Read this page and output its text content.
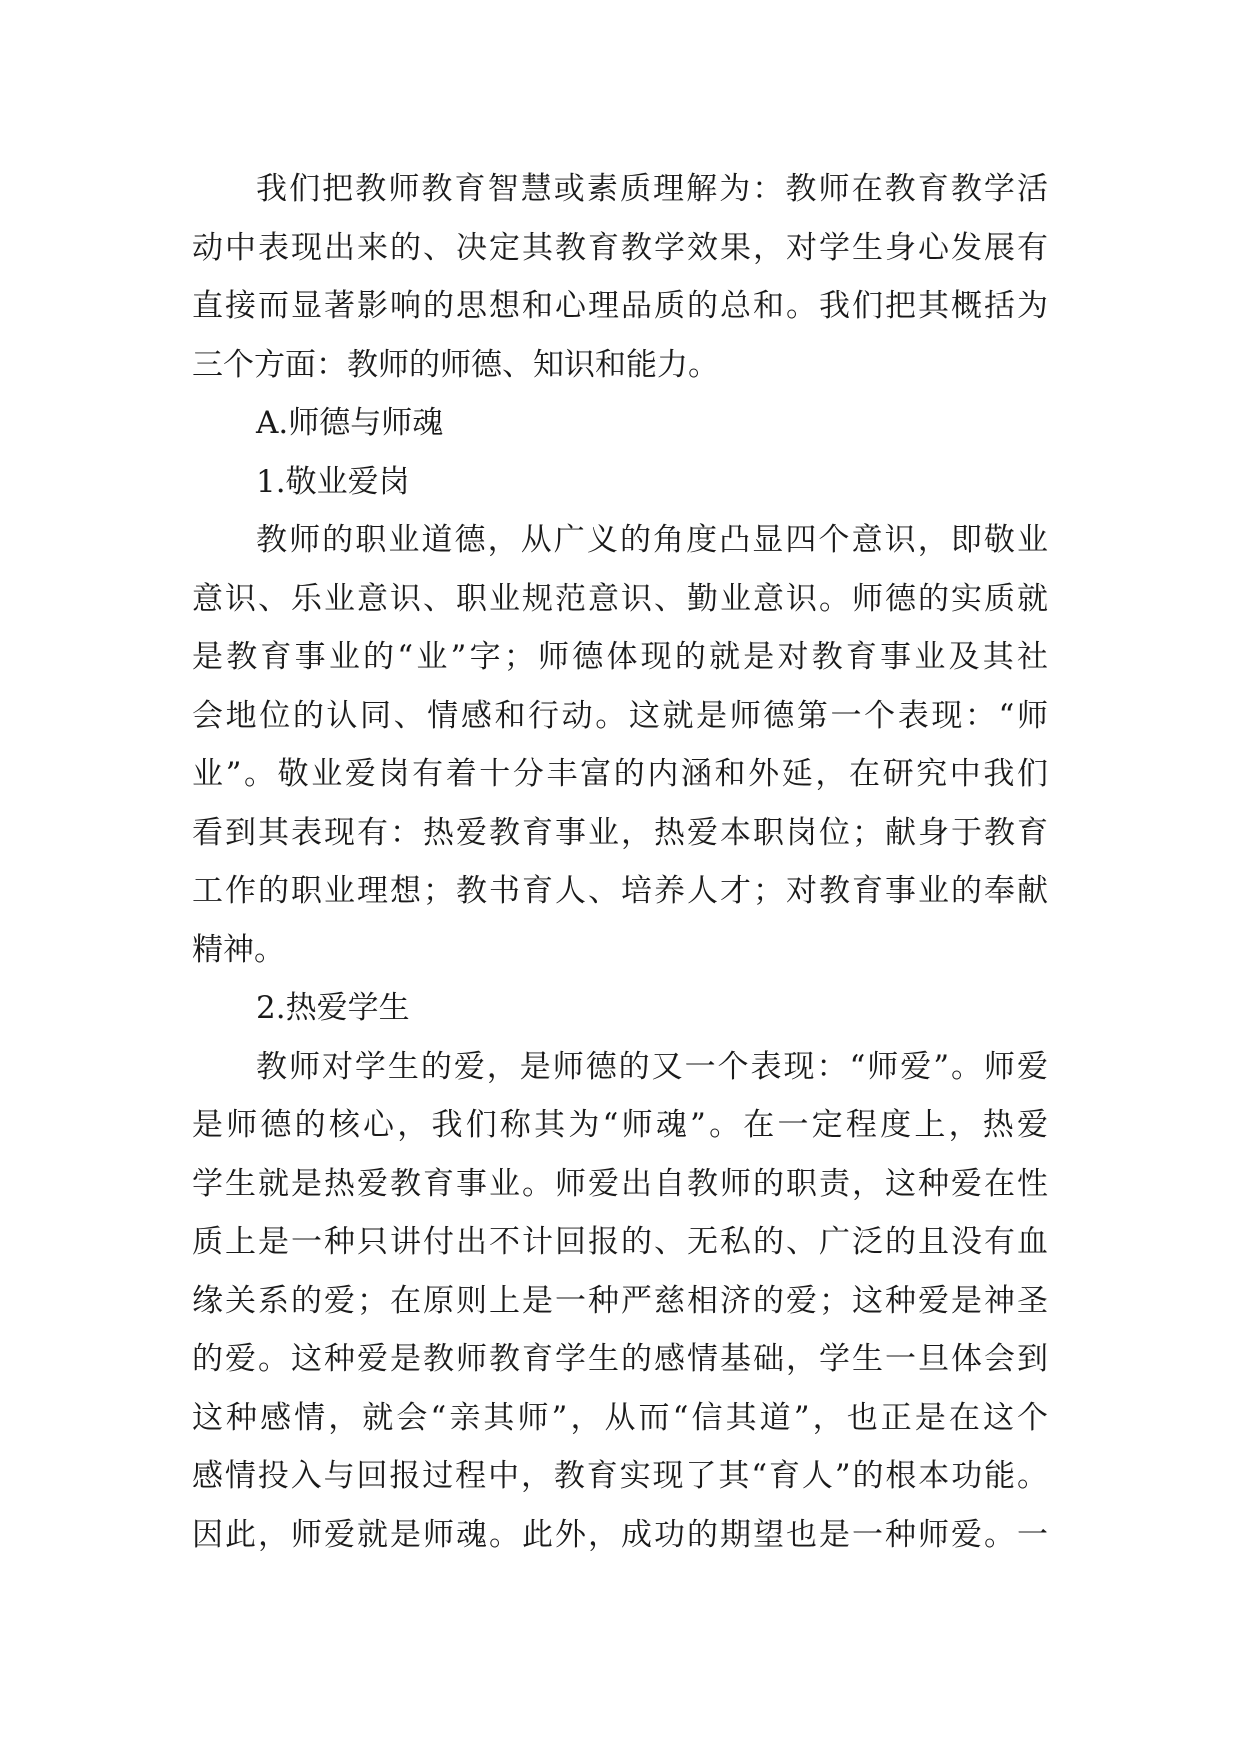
我们把教师教育智慧或素质理解为：教师在教育教学活
动中表现出来的、决定其教育教学效果，对学生身心发展有
直接而显著影响的思想和心理品质的总和。我们把其概括为
三个方面：教师的师德、知识和能力。
A.师德与师魂
1.敬业爱岗
教师的职业道德，从广义的角度凸显四个意识，即敬业
意识、乐业意识、职业规范意识、勤业意识。师德的实质就
是教育事业的“业”字；师德体现的就是对教育事业及其社
会地位的认同、情感和行动。这就是师德第一个表现：“师
业”。敬业爱岗有着十分丰富的内涵和外延，在研究中我们
看到其表现有：热爱教育事业，热爱本职岗位；献身于教育
工作的职业理想；教书育人、培养人才；对教育事业的奉献
精神。
2.热爱学生
教师对学生的爱，是师德的又一个表现：“师爱”。师爱
是师德的核心，我们称其为“师魂”。在一定程度上，热爱
学生就是热爱教育事业。师爱出自教师的职责，这种爱在性
质上是一种只讲付出不计回报的、无私的、广泛的且没有血
缘关系的爱；在原则上是一种严慈相济的爱；这种爱是神圣
的爱。这种爱是教师教育学生的感情基础，学生一旦体会到
这种感情，就会“亲其师”，从而“信其道”，也正是在这个
感情投入与回报过程中，教育实现了其“育人”的根本功能。
因此，师爱就是师魂。此外，成功的期望也是一种师爱。一
